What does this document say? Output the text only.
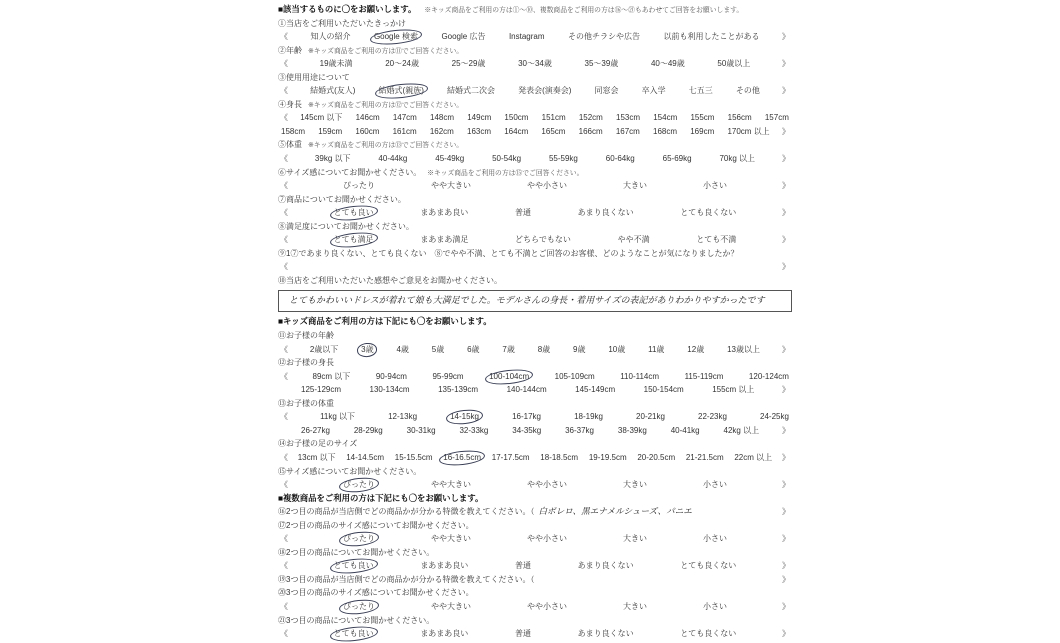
■該当するものに〇をお願いします。 ※キッズ商品をご利用の方は①〜⑩、複数商品をご利用の方は⑯〜㉑もあわせてご回答をお願いします。
①当店をご利用いただいたきっかけ
《	知人の紹介	Google 検索	Google 広告	Instagram	その他チラシや広告	以前も利用したことがある	》
②年齢 ※キッズ商品をご利用の方は⑪でご回答ください。
《	19歳未満	20〜24歳	25〜29歳	30〜34歳	35〜39歳	40〜49歳	50歳以上	》
③使用用途について
《	結婚式(友人)	結婚式(親族)	結婚式二次会	発表会(演奏会)	同窓会	卒入学	七五三	その他	》
④身長 ※キッズ商品をご利用の方は⑫でご回答ください。
《 145cm 以下 146cm 147cm 148cm 149cm 150cm 151cm 152cm 153cm 154cm 155cm 156cm 157cm
158cm 159cm 160cm 161cm 162cm 163cm 164cm 165cm 166cm 167cm 168cm 169cm 170cm 以上 》
⑤体重 ※キッズ商品をご利用の方は⑬でご回答ください。
《	39kg 以下	40-44kg	45-49kg	50-54kg	55-59kg	60-64kg	65-69kg	70kg 以上	》
⑥サイズ感についてお聞かせください。 ※キッズ商品をご利用の方は⑮でご回答ください。
《	ぴったり	やや大きい	やや小さい	大きい	小さい	》
⑦商品についてお聞かせください。
《	とても良い	まあまあ良い	普通	あまり良くない	とても良くない	》
⑧満足度についてお聞かせください。
《	とても満足	まあまあ満足	どちらでもない	やや不満	とても不満	》
⑨1⑦であまり良くない、とても良くない　⑧でやや不満、とても不満とご回答のお客様、どのようなことが気になりましたか？
《	》
⑩当店をご利用いただいた感想やご意見をお聞かせください。
とてもかわいいドレスが着れて娘も大満足でした。モデルさんの身長・着用サイズの表記がありわかりやすかったです
■キッズ商品をご利用の方は下記にも〇をお願いします。
⑪お子様の年齢
《	2歳以下	3歳	4歳	5歳	6歳	7歳	8歳	9歳	10歳	11歳	12歳	13歳以上	》
⑫お子様の身長
《	89cm 以下	90-94cm	95-99cm	100-104cm	105-109cm	110-114cm	115-119cm	120-124cm
125-129cm	130-134cm	135-139cm	140-144cm	145-149cm	150-154cm	155cm 以上	》
⑬お子様の体重
《	11kg 以下	12-13kg	14-15kg	16-17kg	18-19kg	20-21kg	22-23kg	24-25kg
26-27kg	28-29kg	30-31kg	32-33kg	34-35kg	36-37kg	38-39kg	40-41kg	42kg 以上	》
⑭お子様の足のサイズ
《 13cm 以下 14-14.5cm 15-15.5cm 16-16.5cm 17-17.5cm 18-18.5cm 19-19.5cm 20-20.5cm 21-21.5cm 22cm 以上 》
⑮サイズ感についてお聞かせください。
《	ぴったり	やや大きい	やや小さい	大きい	小さい	》
■複数商品をご利用の方は下記にも〇をお願いします。
⑯2つ目の商品が当店側でどの商品かが分かる特徴を教えてください。（ 白ボレロ、黒エナメルシューズ、パニエ	》
⑰2つ目の商品のサイズ感についてお聞かせください。
《	ぴったり	やや大きい	やや小さい	大きい	小さい	》
⑱2つ目の商品についてお聞かせください。
《	とても良い	まあまあ良い	普通	あまり良くない	とても良くない	》
⑲3つ目の商品が当店側でどの商品かが分かる特徴を教えてください。（	》
⑳3つ目の商品のサイズ感についてお聞かせください。
《	ぴったり	やや大きい	やや小さい	大きい	小さい	》
㉑3つ目の商品についてお聞かせください。
《	とても良い	まあまあ良い	普通	あまり良くない	とても良くない	》
